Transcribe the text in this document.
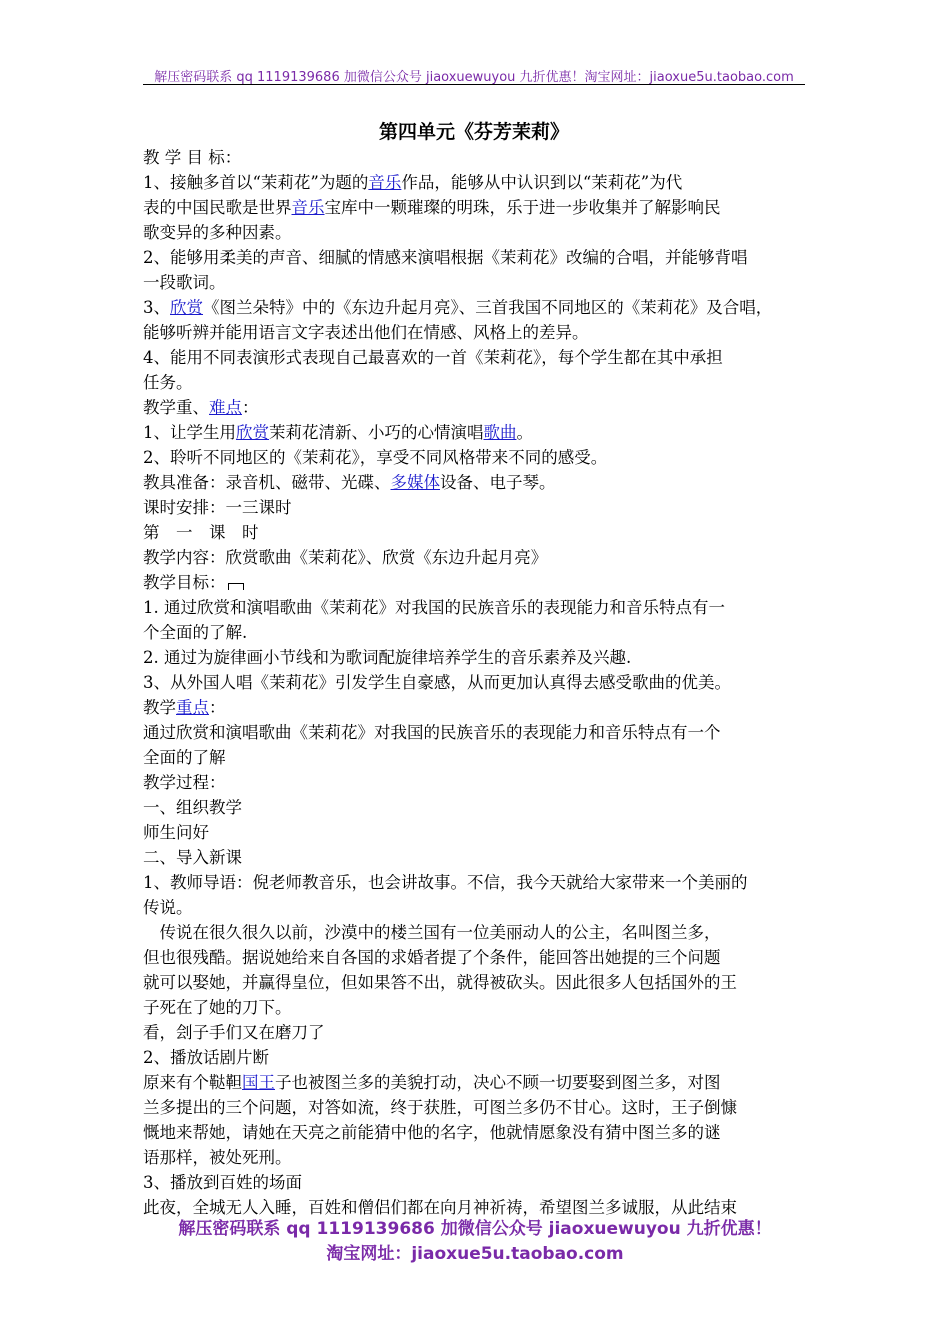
解压密码联系 qq 1119139686 加微信公众号 jiaoxuewuyou 九折优惠！淘宝网址：jiaoxue5u.taobao.com
第四单元《芬芳茉莉》
教 学 目 标：
1、接触多首以“茉莉花”为题的音乐作品，能够从中认识到以“茉莉花”为代
表的中国民歌是世界音乐宝库中一颗璀璨的明珠，乐于进一步收集并了解影响民
歌变异的多种因素。
2、能够用柔美的声音、细腻的情感来演唱根据《茉莉花》改编的合唱，并能够背唱
一段歌词。
3、欣赏《图兰朵特》中的《东边升起月亮》、三首我国不同地区的《茉莉花》及合唱，
能够听辨并能用语言文字表述出他们在情感、风格上的差异。
4、能用不同表演形式表现自己最喜欢的一首《茉莉花》，每个学生都在其中承担
任务。
教学重、难点：
1、让学生用欣赏茉莉花清新、小巧的心情演唱歌曲。
2、聆听不同地区的《茉莉花》，享受不同风格带来不同的感受。
教具准备：录音机、磁带、光碟、多媒体设备、电子琴。
课时安排：一三课时
第　一　课　时
教学内容：欣赏歌曲《茉莉花》、欣赏《东边升起月亮》
教学目标：
1. 通过欣赏和演唱歌曲《茉莉花》对我国的民族音乐的表现能力和音乐特点有一
个全面的了解.
2. 通过为旋律画小节线和为歌词配旋律培养学生的音乐素养及兴趣.
3、从外国人唱《茉莉花》引发学生自豪感，从而更加认真得去感受歌曲的优美。
教学重点：
通过欣赏和演唱歌曲《茉莉花》对我国的民族音乐的表现能力和音乐特点有一个
全面的了解
教学过程：
一、组织教学
师生问好
二、导入新课
1、教师导语：倪老师教音乐，也会讲故事。不信，我今天就给大家带来一个美丽的
传说。
　传说在很久很久以前，沙漠中的楼兰国有一位美丽动人的公主，名叫图兰多，
但也很残酷。据说她给来自各国的求婚者提了个条件，能回答出她提的三个问题
就可以娶她，并赢得皇位，但如果答不出，就得被砍头。因此很多人包括国外的王
子死在了她的刀下。
看，刽子手们又在磨刀了
2、播放话剧片断
原来有个鞑靼国王子也被图兰多的美貌打动，决心不顾一切要娶到图兰多，对图
兰多提出的三个问题，对答如流，终于获胜，可图兰多仍不甘心。这时，王子倒慷
慨地来帮她，请她在天亮之前能猜中他的名字，他就情愿象没有猜中图兰多的谜
语那样，被处死刑。
3、播放到百姓的场面
此夜，全城无人入睡，百姓和僧侣们都在向月神祈祷，希望图兰多诚服，从此结束
解压密码联系 qq 1119139686 加微信公众号 jiaoxuewuyou 九折优惠！
淘宝网址：jiaoxue5u.taobao.com
